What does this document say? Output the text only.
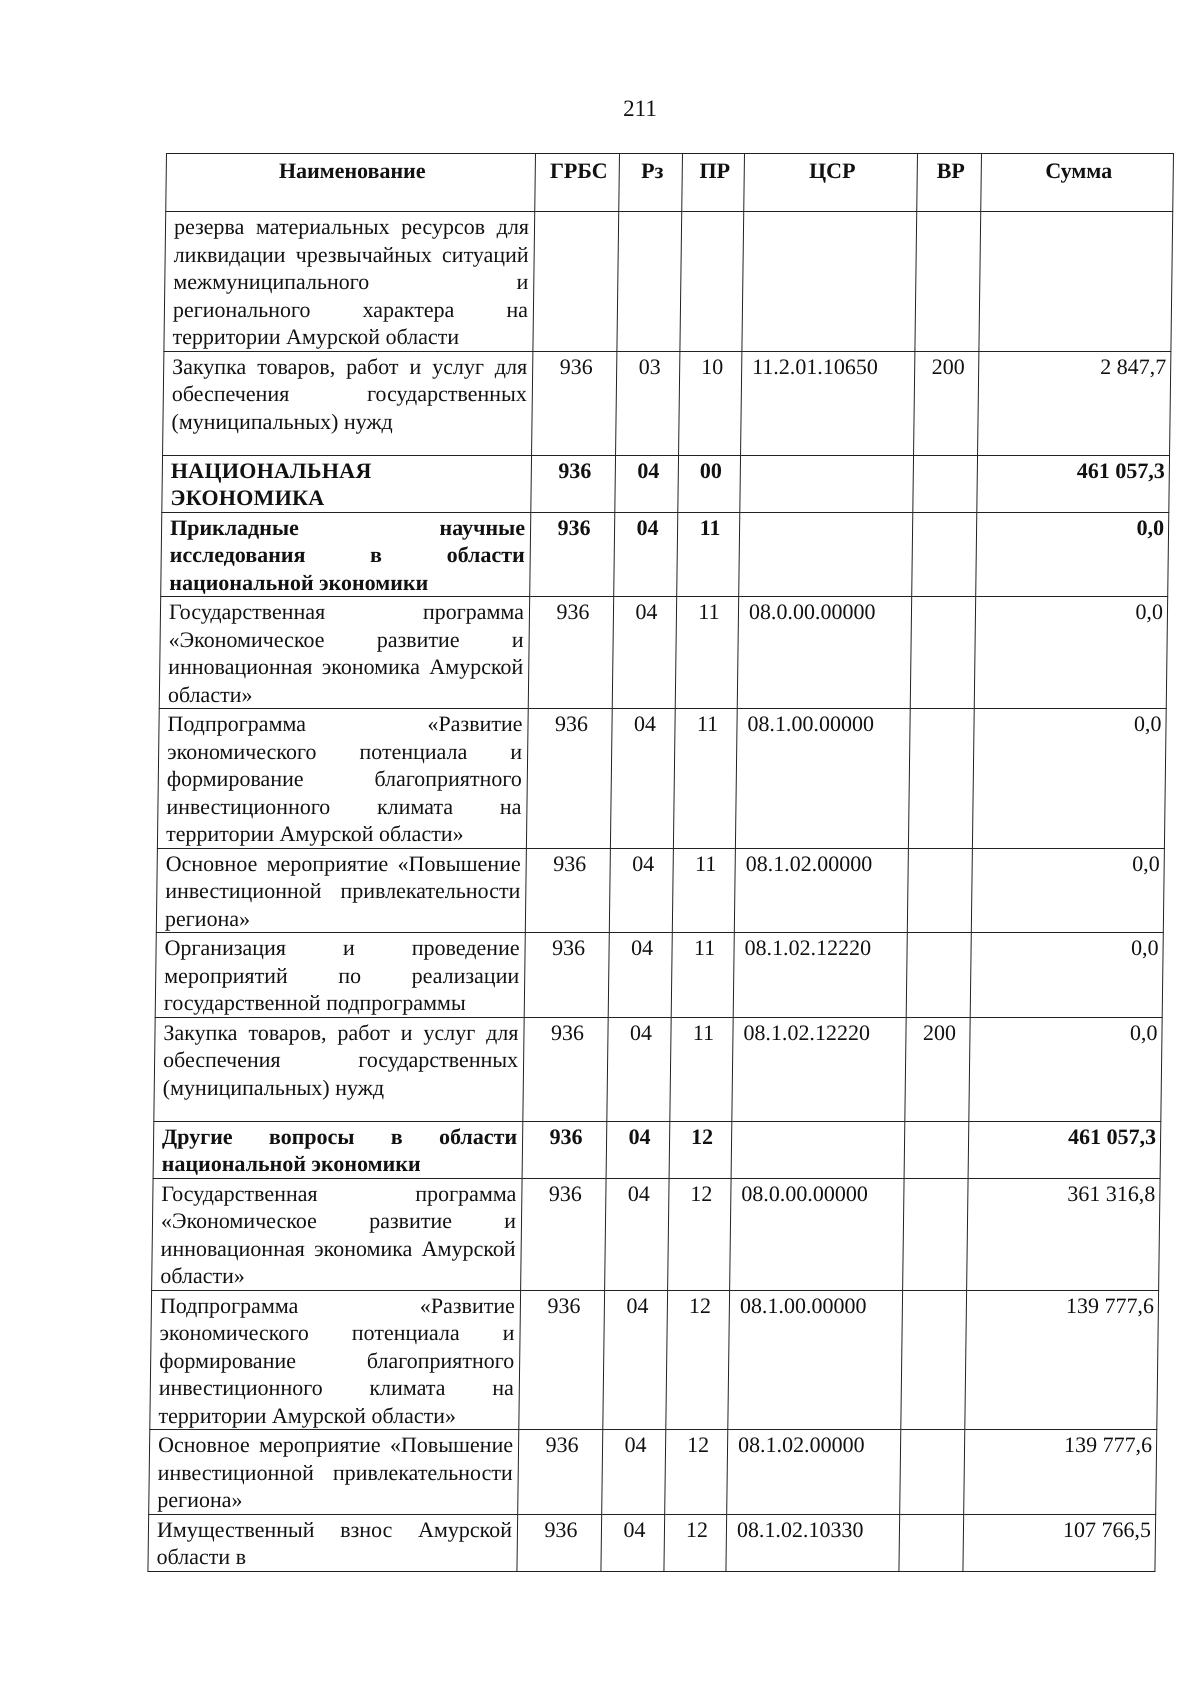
211
Наименование	ГРБС	Рз	ПР	ЦСР	ВР	Сумма
резерва материальных ресурсов для ликвидации чрезвычайных ситуаций межмуниципального и регионального характера на территории Амурской области						
Закупка товаров, работ и услуг для обеспечения государственных (муниципальных) нужд	936	03	10	11.2.01.10650	200	2 847,7
НАЦИОНАЛЬНАЯ ЭКОНОМИКА	936	04	00			461 057,3
Прикладные научные исследования в области национальной экономики	936	04	11			0,0
Государственная программа «Экономическое развитие и инновационная экономика Амурской области»	936	04	11	08.0.00.00000		0,0
Подпрограмма «Развитие экономического потенциала и формирование благоприятного инвестиционного климата на территории Амурской области»	936	04	11	08.1.00.00000		0,0
Основное мероприятие «Повышение инвестиционной привлекательности региона»	936	04	11	08.1.02.00000		0,0
Организация и проведение мероприятий по реализации государственной подпрограммы	936	04	11	08.1.02.12220		0,0
Закупка товаров, работ и услуг для обеспечения государственных (муниципальных) нужд	936	04	11	08.1.02.12220	200	0,0
Другие вопросы в области национальной экономики	936	04	12			461 057,3
Государственная программа «Экономическое развитие и инновационная экономика Амурской области»	936	04	12	08.0.00.00000		361 316,8
Подпрограмма «Развитие экономического потенциала и формирование благоприятного инвестиционного климата на территории Амурской области»	936	04	12	08.1.00.00000		139 777,6
Основное мероприятие «Повышение инвестиционной привлекательности региона»	936	04	12	08.1.02.00000		139 777,6
Имущественный взнос Амурской области в	936	04	12	08.1.02.10330		107 766,5
